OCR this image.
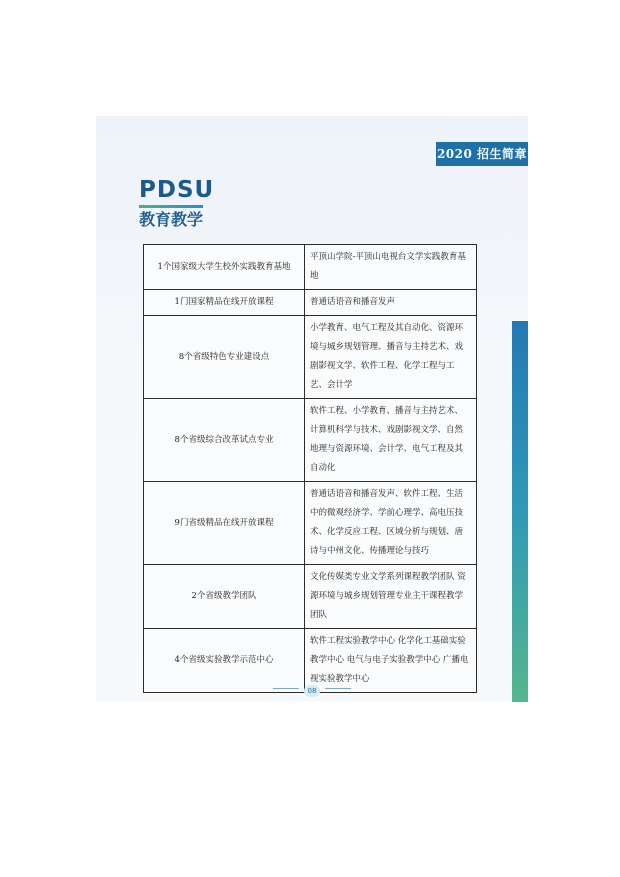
2020 招生简章
PDSU
教育教学
1个国家级大学生校外实践教育基地	平顶山学院-平顶山电视台文学实践教育基地
1门国家精品在线开放课程	普通话语音和播音发声
8个省级特色专业建设点	小学教育、电气工程及其自动化、资源环境与城乡规划管理、播音与主持艺术、戏剧影视文学、软件工程、化学工程与工艺、会计学
8个省级综合改革试点专业	软件工程、小学教育、播音与主持艺术、计算机科学与技术、戏剧影视文学、自然地理与资源环境、会计学、电气工程及其自动化
9门省级精品在线开放课程	普通话语音和播音发声、软件工程、生活中的微观经济学、学前心理学、高电压技术、化学反应工程、区域分析与规划、唐诗与中州文化、传播理论与技巧
2个省级教学团队	文化传媒类专业文学系列课程教学团队 资源环境与城乡规划管理专业主干课程教学团队
4个省级实验教学示范中心	软件工程实验教学中心 化学化工基础实验教学中心 电气与电子实验教学中心 广播电视实验教学中心
08
